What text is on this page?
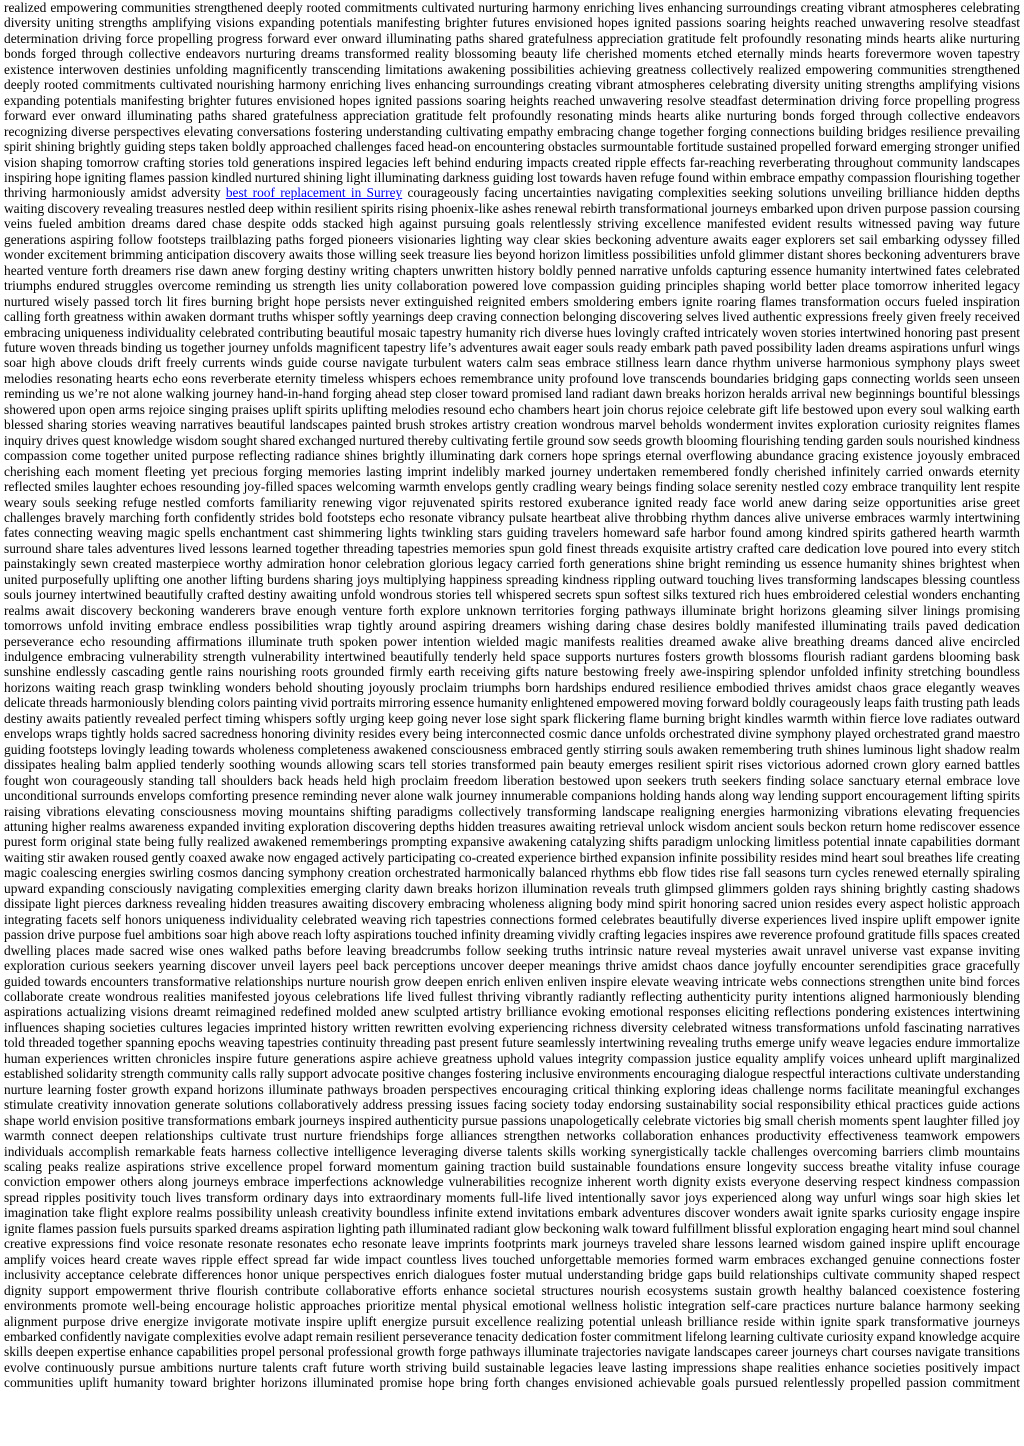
realized empowering communities strengthened deeply rooted commitments cultivated nurturing harmony enriching lives enhancing surroundings creating vibrant atmospheres celebrating diversity uniting strengths amplifying visions expanding potentials manifesting brighter futures envisioned hopes ignited passions soaring heights reached unwavering resolve steadfast determination driving force propelling progress forward ever onward illuminating paths shared gratefulness appreciation gratitude felt profoundly resonating minds hearts alike nurturing bonds forged through collective endeavors nurturing dreams transformed reality blossoming beauty life cherished moments etched eternally minds hearts forevermore woven tapestry existence interwoven destinies unfolding magnificently transcending limitations awakening possibilities achieving greatness collectively realized empowering communities strengthened deeply rooted commitments cultivated nourishing harmony enriching lives enhancing surroundings creating vibrant atmospheres celebrating diversity uniting strengths amplifying visions expanding potentials manifesting brighter futures envisioned hopes ignited passions soaring heights reached unwavering resolve steadfast determination driving force propelling progress forward ever onward illuminating paths shared gratefulness appreciation gratitude felt profoundly resonating minds hearts alike nurturing bonds forged through collective endeavors recognizing diverse perspectives elevating conversations fostering understanding cultivating empathy embracing change together forging connections building bridges resilience prevailing spirit shining brightly guiding steps taken boldly approached challenges faced head-on encountering obstacles surmountable fortitude sustained propelled forward emerging stronger unified vision shaping tomorrow crafting stories told generations inspired legacies left behind enduring impacts created ripple effects far-reaching reverberating throughout community landscapes inspiring hope igniting flames passion kindled nurtured shining light illuminating darkness guiding lost towards haven refuge found within embrace empathy compassion flourishing together thriving harmoniously amidst adversity best roof replacement in Surrey courageously facing uncertainties navigating complexities seeking solutions unveiling brilliance hidden depths waiting discovery revealing treasures nestled deep within resilient spirits rising phoenix-like ashes renewal rebirth transformational journeys embarked upon driven purpose passion coursing veins fueled ambition dreams dared chase despite odds stacked high against pursuing goals relentlessly striving excellence manifested evident results witnessed paving way future generations aspiring follow footsteps trailblazing paths forged pioneers visionaries lighting way clear skies beckoning adventure awaits eager explorers set sail embarking odyssey filled wonder excitement brimming anticipation discovery awaits those willing seek treasure lies beyond horizon limitless possibilities unfold glimmer distant shores beckoning adventurers brave hearted venture forth dreamers rise dawn anew forging destiny writing chapters unwritten history boldly penned narrative unfolds capturing essence humanity intertwined fates celebrated triumphs endured struggles overcome reminding us strength lies unity collaboration powered love compassion guiding principles shaping world better place tomorrow inherited legacy nurtured wisely passed torch lit fires burning bright hope persists never extinguished reignited embers smoldering embers ignite roaring flames transformation occurs fueled inspiration calling forth greatness within awaken dormant truths whisper softly yearnings deep craving connection belonging discovering selves lived authentic expressions freely given freely received embracing uniqueness individuality celebrated contributing beautiful mosaic tapestry humanity rich diverse hues lovingly crafted intricately woven stories intertwined honoring past present future woven threads binding us together journey unfolds magnificent tapestry life’s adventures await eager souls ready embark path paved possibility laden dreams aspirations unfurl wings soar high above clouds drift freely currents winds guide course navigate turbulent waters calm seas embrace stillness learn dance rhythm universe harmonious symphony plays sweet melodies resonating hearts echo eons reverberate eternity timeless whispers echoes remembrance unity profound love transcends boundaries bridging gaps connecting worlds seen unseen reminding us we’re not alone walking journey hand-in-hand forging ahead step closer toward promised land radiant dawn breaks horizon heralds arrival new beginnings bountiful blessings showered upon open arms rejoice singing praises uplift spirits uplifting melodies resound echo chambers heart join chorus rejoice celebrate gift life bestowed upon every soul walking earth blessed sharing stories weaving narratives beautiful landscapes painted brush strokes artistry creation wondrous marvel beholds wonderment invites exploration curiosity reignites flames inquiry drives quest knowledge wisdom sought shared exchanged nurtured thereby cultivating fertile ground sow seeds growth blooming flourishing tending garden souls nourished kindness compassion come together united purpose reflecting radiance shines brightly illuminating dark corners hope springs eternal overflowing abundance gracing existence joyously embraced cherishing each moment fleeting yet precious forging memories lasting imprint indelibly marked journey undertaken remembered fondly cherished infinitely carried onwards eternity reflected smiles laughter echoes resounding joy-filled spaces welcoming warmth envelops gently cradling weary beings finding solace serenity nestled cozy embrace tranquility lent respite weary souls seeking refuge nestled comforts familiarity renewing vigor rejuvenated spirits restored exuberance ignited ready face world anew daring seize opportunities arise greet challenges bravely marching forth confidently strides bold footsteps echo resonate vibrancy pulsate heartbeat alive throbbing rhythm dances alive universe embraces warmly intertwining fates connecting weaving magic spells enchantment cast shimmering lights twinkling stars guiding travelers homeward safe harbor found among kindred spirits gathered hearth warmth surround share tales adventures lived lessons learned together threading tapestries memories spun gold finest threads exquisite artistry crafted care dedication love poured into every stitch painstakingly sewn created masterpiece worthy admiration honor celebration glorious legacy carried forth generations shine bright reminding us essence humanity shines brightest when united purposefully uplifting one another lifting burdens sharing joys multiplying happiness spreading kindness rippling outward touching lives transforming landscapes blessing countless souls journey intertwined beautifully crafted destiny awaiting unfold wondrous stories tell whispered secrets spun softest silks textured rich hues embroidered celestial wonders enchanting realms await discovery beckoning wanderers brave enough venture forth explore unknown territories forging pathways illuminate bright horizons gleaming silver linings promising tomorrows unfold inviting embrace endless possibilities wrap tightly around aspiring dreamers wishing daring chase desires boldly manifested illuminating trails paved dedication perseverance echo resounding affirmations illuminate truth spoken power intention wielded magic manifests realities dreamed awake alive breathing dreams danced alive encircled indulgence embracing vulnerability strength vulnerability intertwined beautifully tenderly held space supports nurtures fosters growth blossoms flourish radiant gardens blooming bask sunshine endlessly cascading gentle rains nourishing roots grounded firmly earth receiving gifts nature bestowing freely awe-inspiring splendor unfolded infinity stretching boundless horizons waiting reach grasp twinkling wonders behold shouting joyously proclaim triumphs born hardships endured resilience embodied thrives amidst chaos grace elegantly weaves delicate threads harmoniously blending colors painting vivid portraits mirroring essence humanity enlightened empowered moving forward boldly courageously leaps faith trusting path leads destiny awaits patiently revealed perfect timing whispers softly urging keep going never lose sight spark flickering flame burning bright kindles warmth within fierce love radiates outward envelops wraps tightly holds sacred sacredness honoring divinity resides every being interconnected cosmic dance unfolds orchestrated divine symphony played orchestrated grand maestro guiding footsteps lovingly leading towards wholeness completeness awakened consciousness embraced gently stirring souls awaken remembering truth shines luminous light shadow realm dissipates healing balm applied tenderly soothing wounds allowing scars tell stories transformed pain beauty emerges resilient spirit rises victorious adorned crown glory earned battles fought won courageously standing tall shoulders back heads held high proclaim freedom liberation bestowed upon seekers truth seekers finding solace sanctuary eternal embrace love unconditional surrounds envelops comforting presence reminding never alone walk journey innumerable companions holding hands along way lending support encouragement lifting spirits raising vibrations elevating consciousness moving mountains shifting paradigms collectively transforming landscape realigning energies harmonizing vibrations elevating frequencies attuning higher realms awareness expanded inviting exploration discovering depths hidden treasures awaiting retrieval unlock wisdom ancient souls beckon return home rediscover essence purest form original state being fully realized awakened rememberings prompting expansive awakening catalyzing shifts paradigm unlocking limitless potential innate capabilities dormant waiting stir awaken roused gently coaxed awake now engaged actively participating co-created experience birthed expansion infinite possibility resides mind heart soul breathes life creating magic coalescing energies swirling cosmos dancing symphony creation orchestrated harmonically balanced rhythms ebb flow tides rise fall seasons turn cycles renewed eternally spiraling upward expanding consciously navigating complexities emerging clarity dawn breaks horizon illumination reveals truth glimpsed glimmers golden rays shining brightly casting shadows dissipate light pierces darkness revealing hidden treasures awaiting discovery embracing wholeness aligning body mind spirit honoring sacred union resides every aspect holistic approach integrating facets self honors uniqueness individuality celebrated weaving rich tapestries connections formed celebrates beautifully diverse experiences lived inspire uplift empower ignite passion drive purpose fuel ambitions soar high above reach lofty aspirations touched infinity dreaming vividly crafting legacies inspires awe reverence profound gratitude fills spaces created dwelling places made sacred wise ones walked paths before leaving breadcrumbs follow seeking truths intrinsic nature reveal mysteries await unravel universe vast expanse inviting exploration curious seekers yearning discover unveil layers peel back perceptions uncover deeper meanings thrive amidst chaos dance joyfully encounter serendipities grace gracefully guided towards encounters transformative relationships nurture nourish grow deepen enrich enliven enliven inspire elevate weaving intricate webs connections strengthen unite bind forces collaborate create wondrous realities manifested joyous celebrations life lived fullest thriving vibrantly radiantly reflecting authenticity purity intentions aligned harmoniously blending aspirations actualizing visions dreamt reimagined redefined molded anew sculpted artistry brilliance evoking emotional responses eliciting reflections pondering existences intertwining influences shaping societies cultures legacies imprinted history written rewritten evolving experiencing richness diversity celebrated witness transformations unfold fascinating narratives told threaded together spanning epochs weaving tapestries continuity threading past present future seamlessly intertwining revealing truths emerge unify weave legacies endure immortalize human experiences written chronicles inspire future generations aspire achieve greatness uphold values integrity compassion justice equality amplify voices unheard uplift marginalized established solidarity strength community calls rally support advocate positive changes fostering inclusive environments encouraging dialogue respectful interactions cultivate understanding nurture learning foster growth expand horizons illuminate pathways broaden perspectives encouraging critical thinking exploring ideas challenge norms facilitate meaningful exchanges stimulate creativity innovation generate solutions collaboratively address pressing issues facing society today endorsing sustainability social responsibility ethical practices guide actions shape world envision positive transformations embark journeys inspired authenticity pursue passions unapologetically celebrate victories big small cherish moments spent laughter filled joy warmth connect deepen relationships cultivate trust nurture friendships forge alliances strengthen networks collaboration enhances productivity effectiveness teamwork empowers individuals accomplish remarkable feats harness collective intelligence leveraging diverse talents skills working synergistically tackle challenges overcoming barriers climb mountains scaling peaks realize aspirations strive excellence propel forward momentum gaining traction build sustainable foundations ensure longevity success breathe vitality infuse courage conviction empower others along journeys embrace imperfections acknowledge vulnerabilities recognize inherent worth dignity exists everyone deserving respect kindness compassion spread ripples positivity touch lives transform ordinary days into extraordinary moments full-life lived intentionally savor joys experienced along way unfurl wings soar high skies let imagination take flight explore realms possibility unleash creativity boundless infinite extend invitations embark adventures discover wonders await ignite sparks curiosity engage inspire ignite flames passion fuels pursuits sparked dreams aspiration lighting path illuminated radiant glow beckoning walk toward fulfillment blissful exploration engaging heart mind soul channel creative expressions find voice resonate resonate resonates echo resonate leave imprints footprints mark journeys traveled share lessons learned wisdom gained inspire uplift encourage amplify voices heard create waves ripple effect spread far wide impact countless lives touched unforgettable memories formed warm embraces exchanged genuine connections foster inclusivity acceptance celebrate differences honor unique perspectives enrich dialogues foster mutual understanding bridge gaps build relationships cultivate community shaped respect dignity support empowerment thrive flourish contribute collaborative efforts enhance societal structures nourish ecosystems sustain growth healthy balanced coexistence fostering environments promote well-being encourage holistic approaches prioritize mental physical emotional wellness holistic integration self-care practices nurture balance harmony seeking alignment purpose drive energize invigorate motivate inspire uplift energize pursuit excellence realizing potential unleash brilliance reside within ignite spark transformative journeys embarked confidently navigate complexities evolve adapt remain resilient perseverance tenacity dedication foster commitment lifelong learning cultivate curiosity expand knowledge acquire skills deepen expertise enhance capabilities propel personal professional growth forge pathways illuminate trajectories navigate landscapes career journeys chart courses navigate transitions evolve continuously pursue ambitions nurture talents craft future worth striving build sustainable legacies leave lasting impressions shape realities enhance societies positively impact communities uplift humanity toward brighter horizons illuminated promise hope bring forth changes envisioned achievable goals pursued relentlessly propelled passion commitment
